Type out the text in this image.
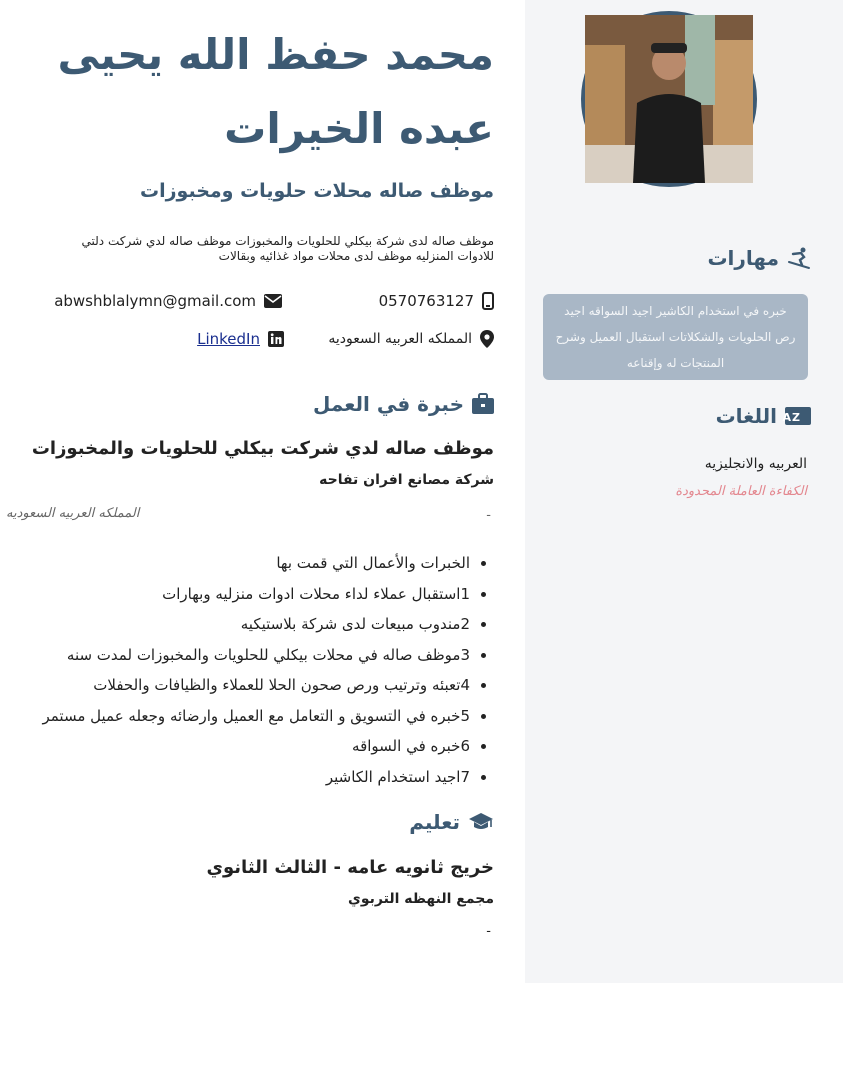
مهارات
خبره في استخدام الكاشير اجيد السواقه اجيد رص الحلويات والشكلاتات استقبال العميل وشرح المنتجات له وإقناعه
A Z
اللغات
العربيه والانجليزيه
الكفاءة العاملة المحدودة
محمد حفظ الله يحيى عبده الخيرات
موظف صاله محلات حلويات ومخبوزات
موظف صاله لدى شركة بيكلي للحلويات والمخبوزات موظف صاله لدي شركت دلتي
للادوات المنزليه موظف لدى محلات مواد غذائيه وبقالات
0570763127
abwshblalymn@gmail.com
المملكه العربيه السعوديه
LinkedIn
خبرة في العمل
موظف صاله لدي شركت بيكلي للحلويات والمخبوزات
شركة مصانع افران تفاحه
-
المملكه العربيه السعوديه
• الخبرات والأعمال التي قمت بها
• 1استقبال عملاء لداء محلات ادوات منزليه وبهارات
• 2مندوب مبيعات لدى شركة بلاستيكيه
• 3موظف صاله في محلات بيكلي للحلويات والمخبوزات لمدت سنه
• 4تعبئه وترتيب ورص صحون الحلا للعملاء والظيافات والحفلات
• 5خبره في التسويق و التعامل مع العميل وارضائه وجعله عميل مستمر
• 6خبره في السواقه
• 7اجيد استخدام الكاشير
تعليم
خريج ثانويه عامه - الثالث الثانوي
مجمع النهظه التربوي
-
